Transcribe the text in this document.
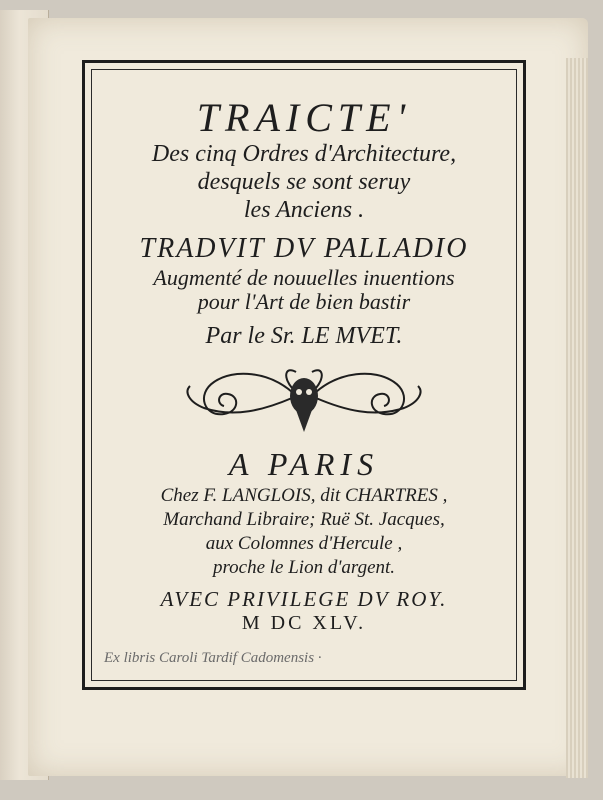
TRAICTE'
Des cinq Ordres d'Architecture,
desquels se sont seruy
les Anciens .
TRADVIT DV PALLADIO
Augmenté de nouuelles inuentions
pour l'Art de bien bastir
Par le Sr. LE MVET.
A PARIS
Chez F. LANGLOIS, dit CHARTRES ,
Marchand Libraire; Ruë St. Jacques,
aux Colomnes d'Hercule ,
proche le Lion d'argent.
AVEC PRIVILEGE DV ROY.
M DC XLV.
Ex libris Caroli Tardif Cadomensis ·
